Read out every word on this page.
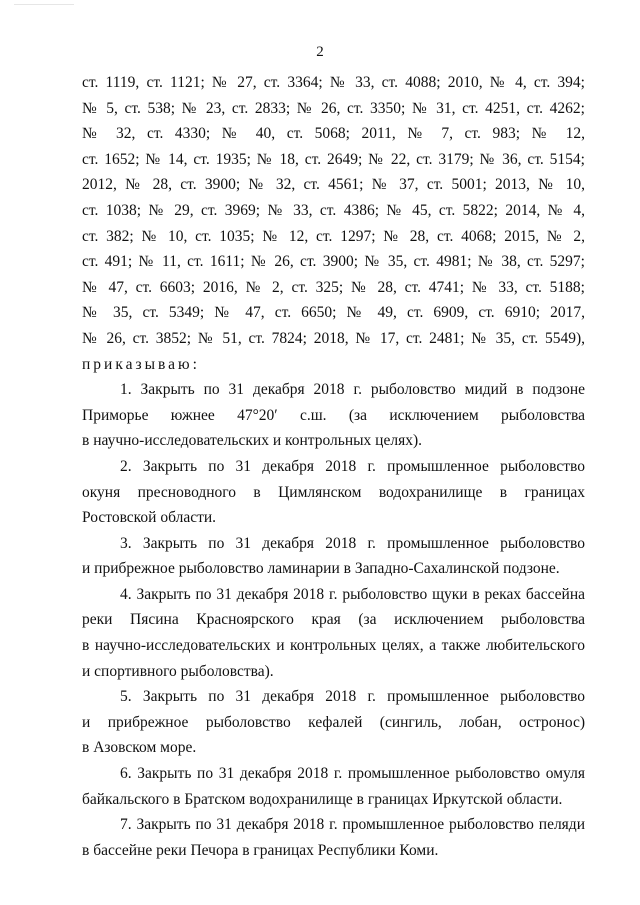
2
ст. 1119, ст. 1121; № 27, ст. 3364; № 33, ст. 4088; 2010, № 4, ст. 394;
№ 5, ст. 538; № 23, ст. 2833; № 26, ст. 3350; № 31, ст. 4251, ст. 4262;
№ 32, ст. 4330; № 40, ст. 5068; 2011, № 7, ст. 983; № 12,
ст. 1652; № 14, ст. 1935; № 18, ст. 2649; № 22, ст. 3179; № 36, ст. 5154;
2012, № 28, ст. 3900; № 32, ст. 4561; № 37, ст. 5001; 2013, № 10,
ст. 1038; № 29, ст. 3969; № 33, ст. 4386; № 45, ст. 5822; 2014, № 4,
ст. 382; № 10, ст. 1035; № 12, ст. 1297; № 28, ст. 4068; 2015, № 2,
ст. 491; № 11, ст. 1611; № 26, ст. 3900; № 35, ст. 4981; № 38, ст. 5297;
№ 47, ст. 6603; 2016, № 2, ст. 325; № 28, ст. 4741; № 33, ст. 5188;
№ 35, ст. 5349; № 47, ст. 6650; № 49, ст. 6909, ст. 6910; 2017,
№ 26, ст. 3852; № 51, ст. 7824; 2018, № 17, ст. 2481; № 35, ст. 5549),
приказываю:
1. Закрыть по 31 декабря 2018 г. рыболовство мидий в подзоне
Приморье южнее 47°20′ с.ш. (за исключением рыболовства
в научно-исследовательских и контрольных целях).
2. Закрыть по 31 декабря 2018 г. промышленное рыболовство
окуня пресноводного в Цимлянском водохранилище в границах
Ростовской области.
3. Закрыть по 31 декабря 2018 г. промышленное рыболовство
и прибрежное рыболовство ламинарии в Западно-Сахалинской подзоне.
4. Закрыть по 31 декабря 2018 г. рыболовство щуки в реках бассейна
реки Пясина Красноярского края (за исключением рыболовства
в научно-исследовательских и контрольных целях, а также любительского
и спортивного рыболовства).
5. Закрыть по 31 декабря 2018 г. промышленное рыболовство
и прибрежное рыболовство кефалей (сингиль, лобан, остронос)
в Азовском море.
6. Закрыть по 31 декабря 2018 г. промышленное рыболовство омуля
байкальского в Братском водохранилище в границах Иркутской области.
7. Закрыть по 31 декабря 2018 г. промышленное рыболовство пеляди
в бассейне реки Печора в границах Республики Коми.
